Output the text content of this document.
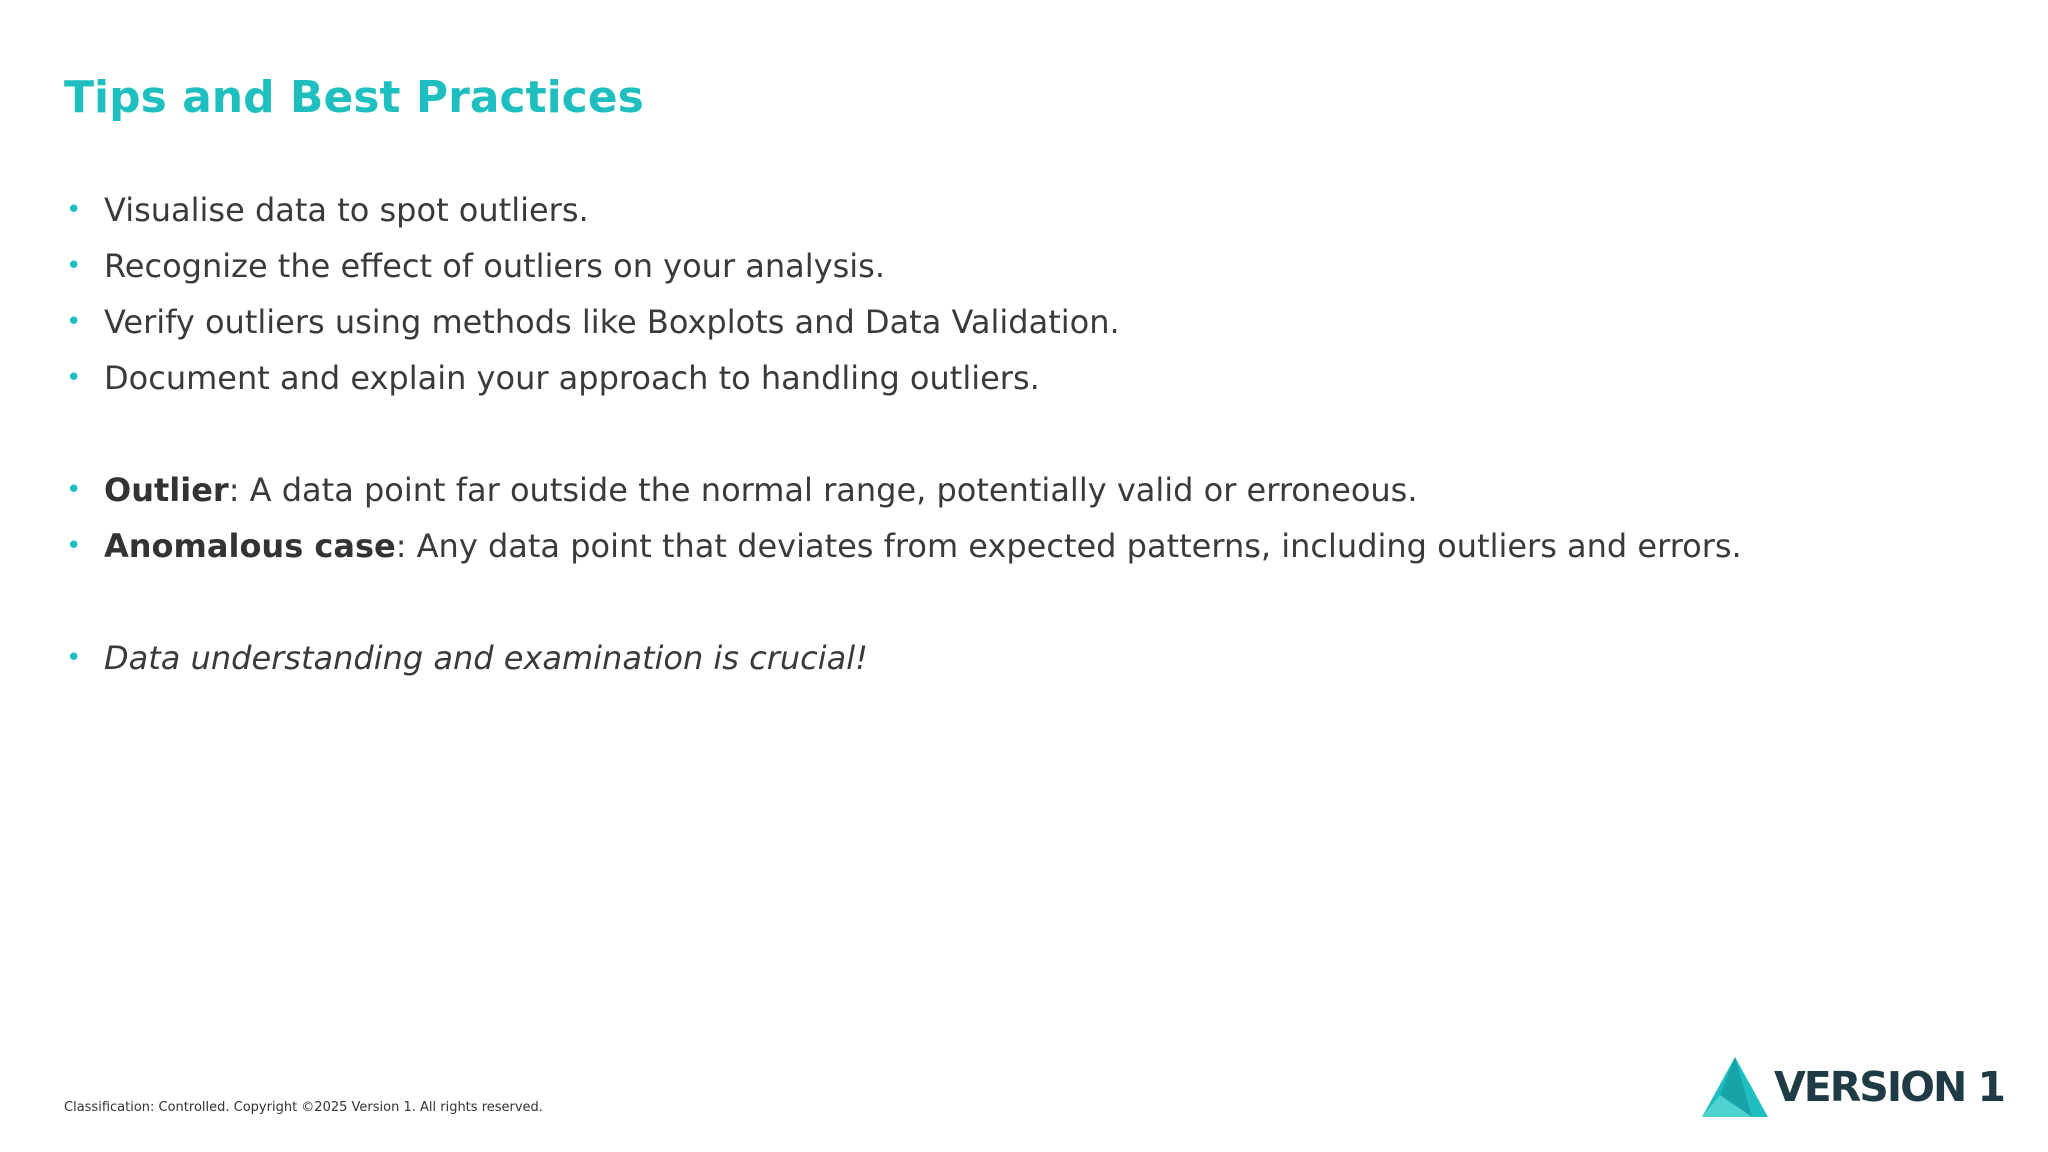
Tips and Best Practices
• Visualise data to spot outliers.
• Recognize the effect of outliers on your analysis.
• Verify outliers using methods like Boxplots and Data Validation.
• Document and explain your approach to handling outliers.
• Outlier: A data point far outside the normal range, potentially valid or erroneous.
• Anomalous case: Any data point that deviates from expected patterns, including outliers and errors.
• Data understanding and examination is crucial!
Classification: Controlled. Copyright ©2025 Version 1. All rights reserved.	VERSION 1
